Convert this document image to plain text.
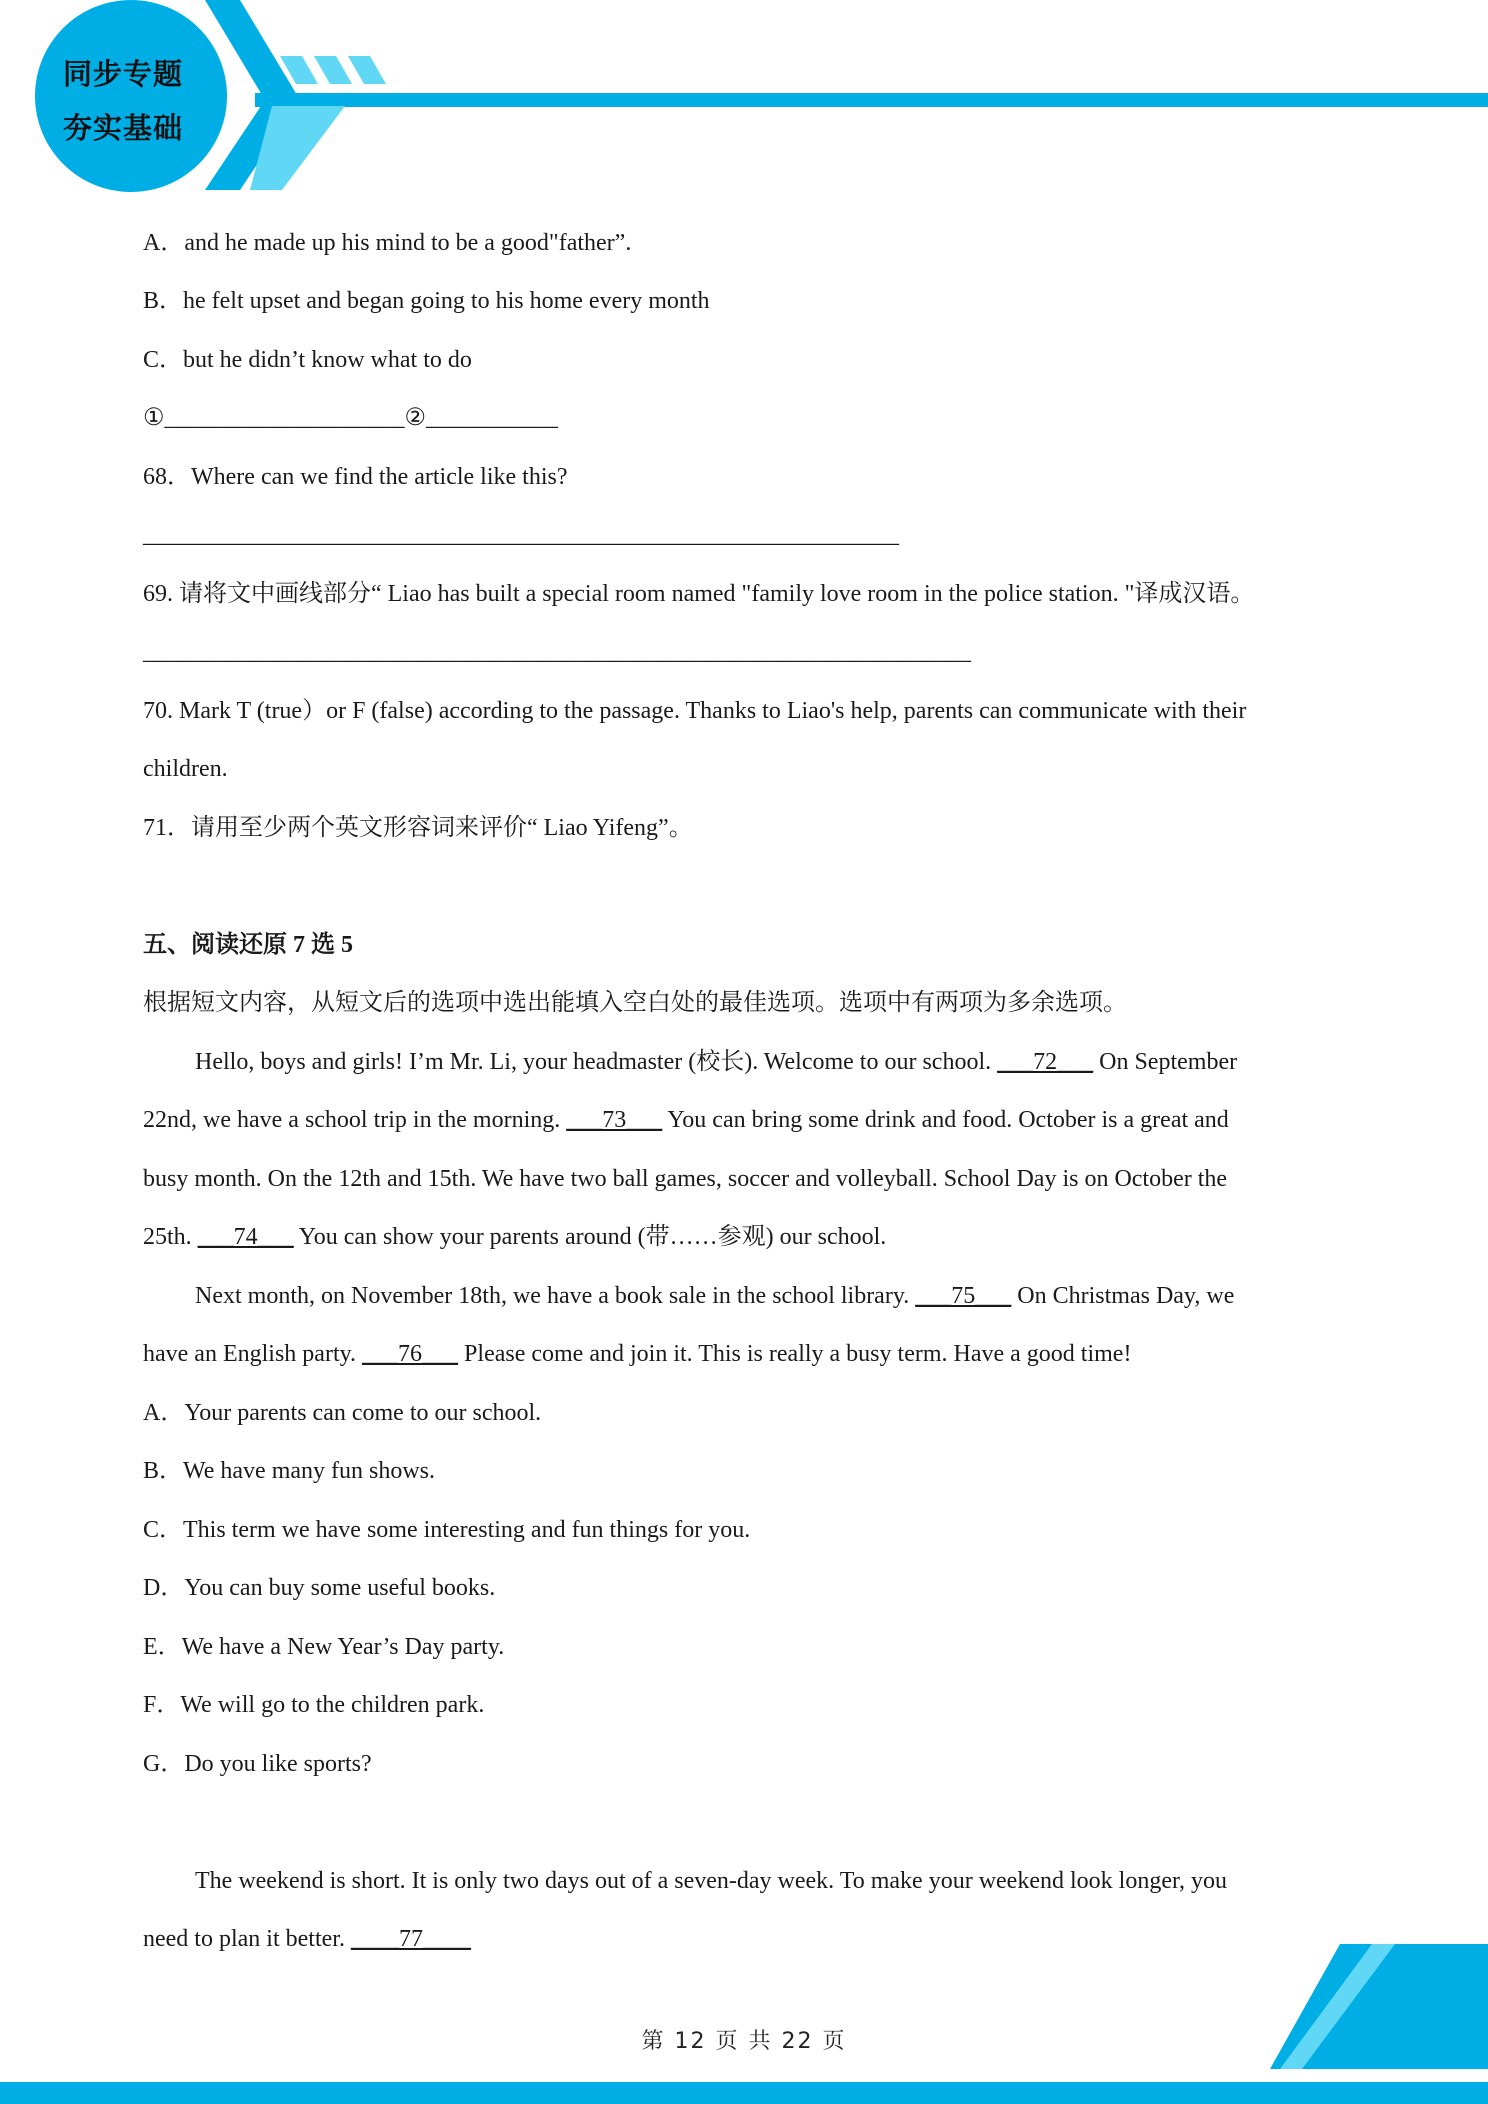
同步专题
夯实基础
A．and he made up his mind to be a good"father”.
B．he felt upset and began going to his home every month
C．but he didn’t know what to do
①____________________②___________
68．Where can we find the article like this?
_______________________________________________________________
69. 请将文中画线部分“ Liao has built a special room named "family love room in the police station. "译成汉语。
_____________________________________________________________________
70. Mark T (true）or F (false) according to the passage. Thanks to Liao's help, parents can communicate with their
children.
71．请用至少两个英文形容词来评价“ Liao Yifeng”。
五、阅读还原 7 选 5
根据短文内容，从短文后的选项中选出能填入空白处的最佳选项。选项中有两项为多余选项。
Hello, boys and girls! I’m Mr. Li, your headmaster (校长). Welcome to our school. ___72___ On September
22nd, we have a school trip in the morning. ___73___ You can bring some drink and food. October is a great and
busy month. On the 12th and 15th. We have two ball games, soccer and volleyball. School Day is on October the
25th. ___74___ You can show your parents around (带……参观) our school.
Next month, on November 18th, we have a book sale in the school library. ___75___ On Christmas Day, we
have an English party. ___76___ Please come and join it. This is really a busy term. Have a good time!
A．Your parents can come to our school.
B．We have many fun shows.
C．This term we have some interesting and fun things for you.
D．You can buy some useful books.
E．We have a New Year’s Day party.
F．We will go to the children park.
G．Do you like sports?
The weekend is short. It is only two days out of a seven-day week. To make your weekend look longer, you
need to plan it better. ____77____
第 12 页 共 22 页
